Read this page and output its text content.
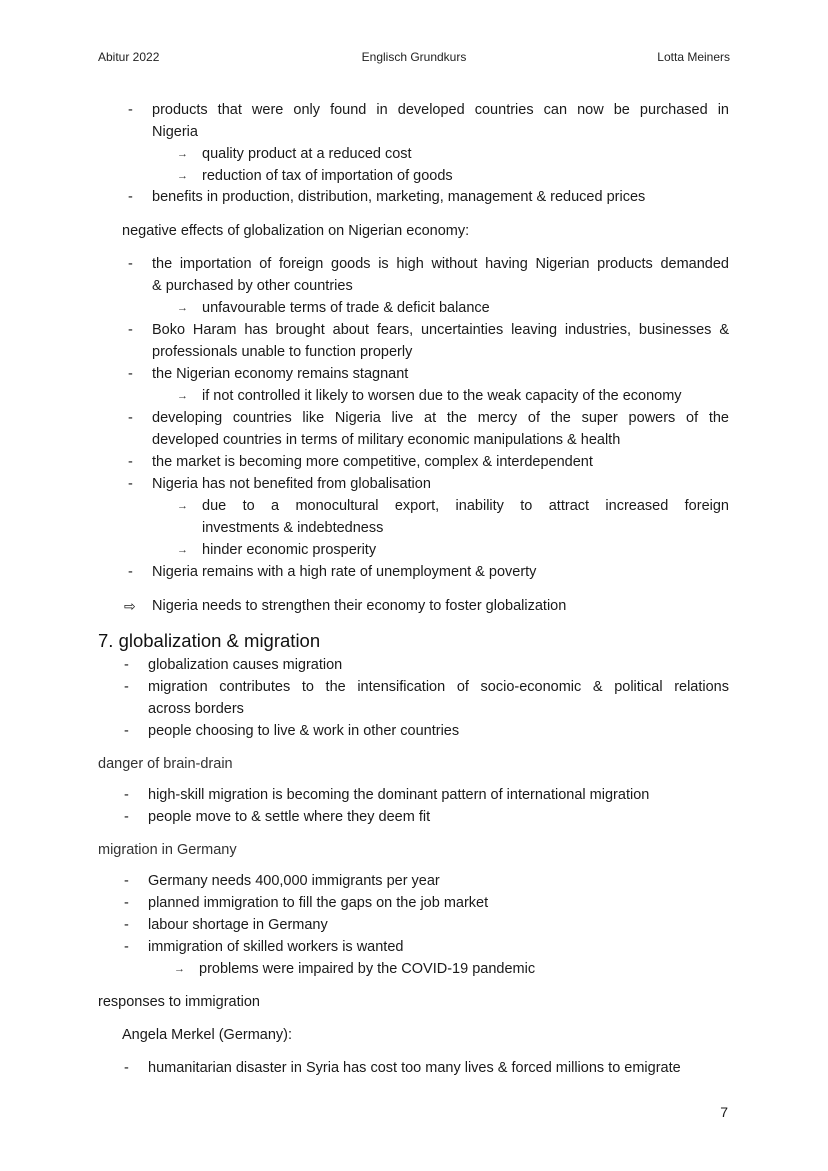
Abitur 2022	Englisch Grundkurs	Lotta Meiners
-	products that were only found in developed countries can now be purchased in
Nigeria
→ quality product at a reduced cost
→ reduction of tax of importation of goods
-	benefits in production, distribution, marketing, management & reduced prices
negative effects of globalization on Nigerian economy:
-	the importation of foreign goods is high without having Nigerian products demanded
& purchased by other countries
→ unfavourable terms of trade & deficit balance
-	Boko Haram has brought about fears, uncertainties leaving industries, businesses &
professionals unable to function properly
-	the Nigerian economy remains stagnant
→ if not controlled it likely to worsen due to the weak capacity of the economy
-	developing countries like Nigeria live at the mercy of the super powers of the
developed countries in terms of military economic manipulations & health
-	the market is becoming more competitive, complex & interdependent
-	Nigeria has not benefited from globalisation
→ due to a monocultural export, inability to attract increased foreign
investments & indebtedness
→ hinder economic prosperity
-	Nigeria remains with a high rate of unemployment & poverty
⇨ Nigeria needs to strengthen their economy to foster globalization
7. globalization & migration
-	globalization causes migration
-	migration contributes to the intensification of socio-economic & political relations
across borders
-	people choosing to live & work in other countries
danger of brain-drain
-	high-skill migration is becoming the dominant pattern of international migration
-	people move to & settle where they deem fit
migration in Germany
-	Germany needs 400,000 immigrants per year
-	planned immigration to fill the gaps on the job market
-	labour shortage in Germany
-	immigration of skilled workers is wanted
→ problems were impaired by the COVID-19 pandemic
responses to immigration
Angela Merkel (Germany):
-	humanitarian disaster in Syria has cost too many lives & forced millions to emigrate
7
